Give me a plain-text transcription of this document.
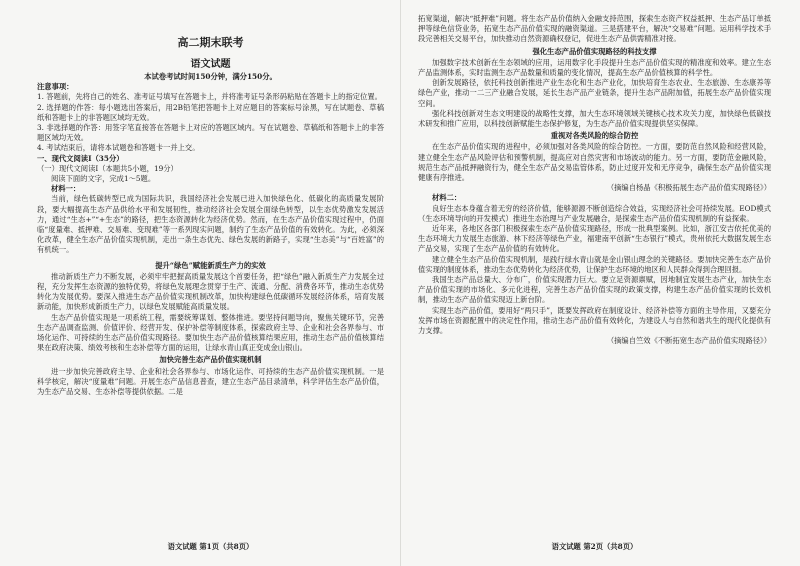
高二期末联考
语文试题
本试卷考试时间150分钟，满分150分。
注意事项：
1. 答题前，先将自己的姓名、准考证号填写在答题卡上，并将准考证号条形码粘贴在答题卡上的指定位置。
2. 选择题的作答：每小题选出答案后，用2B铅笔把答题卡上对应题目的答案标号涂黑，写在试题卷、草稿纸和答题卡上的非答题区域均无效。
3. 非选择题的作答：用签字笔直接答在答题卡上对应的答题区域内。写在试题卷、草稿纸和答题卡上的非答题区域均无效。
4. 考试结束后，请将本试题卷和答题卡一并上交。
一、现代文阅读Ⅰ（35分）
（一）现代文阅读Ⅰ（本题共5小题，19分）
阅读下面的文字，完成1～5题。
材料一：
当前，绿色低碳转型已成为国际共识，我国经济社会发展已进入加快绿色化、低碳化的高质量发展阶段，要大幅提高生态产品供给水平和发展韧性，推动经济社会发展全面绿色转型，以生态优势激发发展活力，通过“生态+”“+生态”的路径，把生态资源转化为经济优势。然而，在生态产品价值实现过程中，仍面临“度量难、抵押难、交易难、变现难”等一系列现实问题，制约了生态产品价值的有效转化。为此，必须深化改革，健全生态产品价值实现机制，走出一条生态优先、绿色发展的新路子，实现“生态美”与“百姓富”的有机统一。
提升“绿色”赋能新质生产力的实效
推动新质生产力不断发展，必须牢牢把握高质量发展这个首要任务，把“绿色”融入新质生产力发展全过程，充分发挥生态资源的独特优势，将绿色发展理念贯穿于生产、流通、分配、消费各环节，推动生态优势转化为发展优势。要深入推进生态产品价值实现机制改革，加快构建绿色低碳循环发展经济体系，培育发展新动能，加快形成新质生产力，以绿色发展赋能高质量发展。
生态产品价值实现是一项系统工程，需要统筹谋划、整体推进。要坚持问题导向，聚焦关键环节，完善生态产品调查监测、价值评价、经营开发、保护补偿等制度体系，探索政府主导、企业和社会各界参与、市场化运作、可持续的生态产品价值实现路径。要加快生态产品价值核算结果应用，推动生态产品价值核算结果在政府决策、绩效考核和生态补偿等方面的运用，让绿水青山真正变成金山银山。
加快完善生态产品价值实现机制
进一步加快完善政府主导、企业和社会各界参与、市场化运作、可持续的生态产品价值实现机制。一是科学核定，解决“度量难”问题。开展生态产品信息普查，建立生态产品目录清单，科学评估生态产品价值，为生态产品交易、生态补偿等提供依据。二是
语文试题 第1页（共8页）
拓宽渠道，解决“抵押难”问题。将生态产品价值纳入金融支持范围，探索生态资产权益抵押、生态产品订单抵押等绿色信贷业务，拓宽生态产品价值实现的融资渠道。三是搭建平台，解决“交易难”问题。运用科学技术手段完善相关交易平台，加快推动自然资源确权登记，促进生态产品供需精准对接。
强化生态产品价值实现路径的科技支撑
加强数字技术创新在生态领域的应用，运用数字化手段提升生态产品价值实现的精准度和效率。建立生态产品监测体系，实时监测生态产品数量和质量的变化情况，提高生态产品价值核算的科学性。
创新发展路径，依托科技创新推进产业生态化和生态产业化，加快培育生态农业、生态旅游、生态康养等绿色产业，推动一二三产业融合发展，延长生态产品产业链条，提升生态产品附加值，拓展生态产品价值实现空间。
强化科技创新对生态文明建设的战略性支撑，加大生态环境领域关键核心技术攻关力度，加快绿色低碳技术研发和推广应用，以科技创新赋能生态保护修复，为生态产品价值实现提供坚实保障。
重视对各类风险的综合防控
在生态产品价值实现的进程中，必须加强对各类风险的综合防控。一方面，要防范自然风险和经营风险，建立健全生态产品风险评估和预警机制，提高应对自然灾害和市场波动的能力。另一方面，要防范金融风险，规范生态产品抵押融资行为，健全生态产品交易监管体系，防止过度开发和无序竞争，确保生态产品价值实现健康有序推进。
（摘编自杨晶《积极拓展生态产品价值实现路径》）
材料二：
良好生态本身蕴含着无穷的经济价值，能够源源不断创造综合效益，实现经济社会可持续发展。EOD模式（生态环境导向的开发模式）推进生态治理与产业发展融合，是探索生态产品价值实现机制的有益探索。
近年来，各地区各部门积极探索生态产品价值实现路径，形成一批典型案例。比如，浙江安吉依托优美的生态环境大力发展生态旅游、林下经济等绿色产业，福建南平创新“生态银行”模式，贵州依托大数据发展生态产品交易，实现了生态产品价值的有效转化。
建立健全生态产品价值实现机制，是践行绿水青山就是金山银山理念的关键路径。要加快完善生态产品价值实现的制度体系，推动生态优势转化为经济优势，让保护生态环境的地区和人民群众得到合理回报。
我国生态产品总量大、分布广，价值实现潜力巨大。要立足资源禀赋，因地制宜发展生态产业，加快生态产品价值实现的市场化、多元化进程，完善生态产品价值实现的政策支撑，构建生态产品价值实现的长效机制，推动生态产品价值实现迈上新台阶。
实现生态产品价值，要用好“两只手”，既要发挥政府在制度设计、经济补偿等方面的主导作用，又要充分发挥市场在资源配置中的决定性作用，推动生态产品价值有效转化，为建设人与自然和谐共生的现代化提供有力支撑。
（摘编自竺效《不断拓宽生态产品价值实现路径》）
语文试题 第2页（共8页）
